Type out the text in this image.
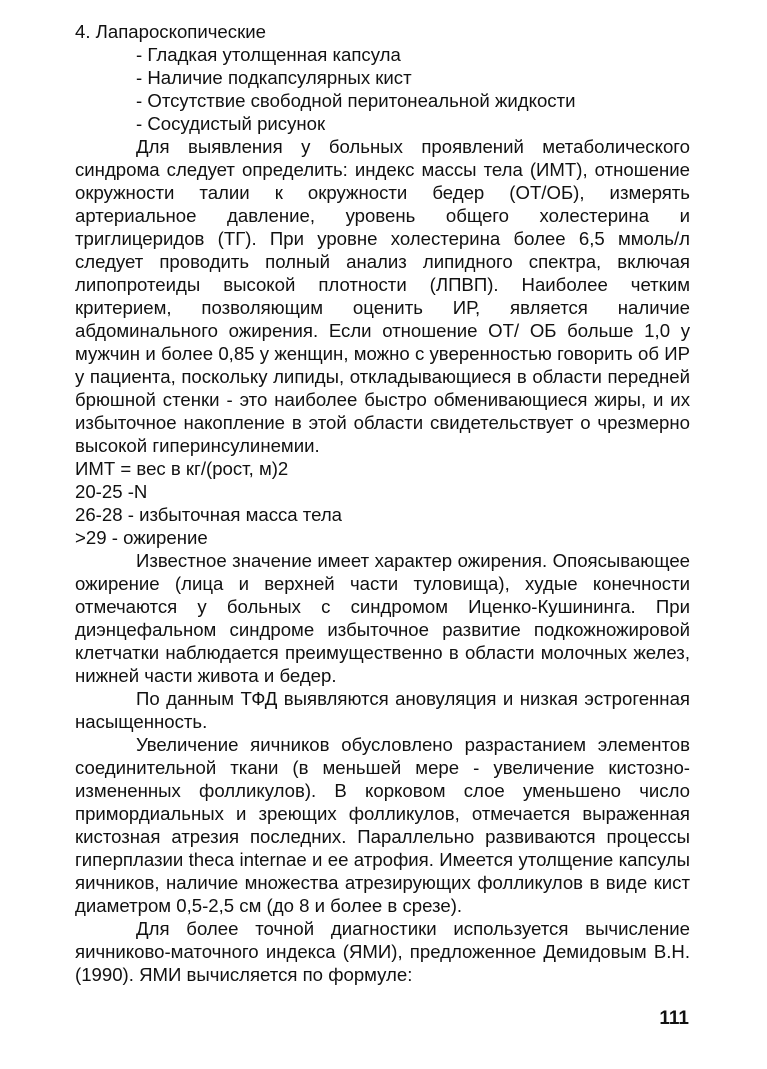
4. Лапароскопические
- Гладкая утолщенная капсула
- Наличие подкапсулярных кист
- Отсутствие свободной перитонеальной жидкости
- Сосудистый рисунок

Для выявления у больных проявлений метаболического синдрома следует определить: индекс массы тела (ИМТ), отношение окружности талии к окружности бедер (ОТ/ОБ), измерять артериальное давление, уровень общего холестерина и триглицеридов (ТГ). При уровне холестерина более 6,5 ммоль/л следует проводить полный анализ липидного спектра, включая липопротеиды высокой плотности (ЛПВП). Наиболее четким критерием, позволяющим оценить ИР, является наличие абдоминального ожирения. Если отношение ОТ/ ОБ больше 1,0 у мужчин и более 0,85 у женщин, можно с уверенностью говорить об ИР у пациента, поскольку липиды, откладывающиеся в области передней брюшной стенки - это наиболее быстро обменивающиеся жиры, и их избыточное накопление в этой области свидетельствует о чрезмерно высокой гиперинсулинемии.

ИМТ = вес в кг/(рост, м)2
20-25 -N
26-28 - избыточная масса тела
>29 - ожирение

Известное значение имеет характер ожирения. Опоясывающее ожирение (лица и верхней части туловища), худые конечности отмечаются у больных с синдромом Иценко-Кушининга. При диэнцефальном синдроме избыточное развитие подкожножировой клетчатки наблюдается преимущественно в области молочных желез, нижней части живота и бедер.

По данным ТФД выявляются ановуляция и низкая эстрогенная насыщенность.

Увеличение яичников обусловлено разрастанием элементов соединительной ткани (в меньшей мере - увеличение кистозно-измененных фолликулов). В корковом слое уменьшено число примордиальных и зреющих фолликулов, отмечается выраженная кистозная атрезия последних. Параллельно развиваются процессы гиперплазии theca internae и ее атрофия. Имеется утолщение капсулы яичников, наличие множества атрезирующих фолликулов в виде кист диаметром 0,5-2,5 см (до 8 и более в срезе).

Для более точной диагностики используется вычисление яичниково-маточного индекса (ЯМИ), предложенное Демидовым В.Н. (1990). ЯМИ вычисляется по формуле:

111
